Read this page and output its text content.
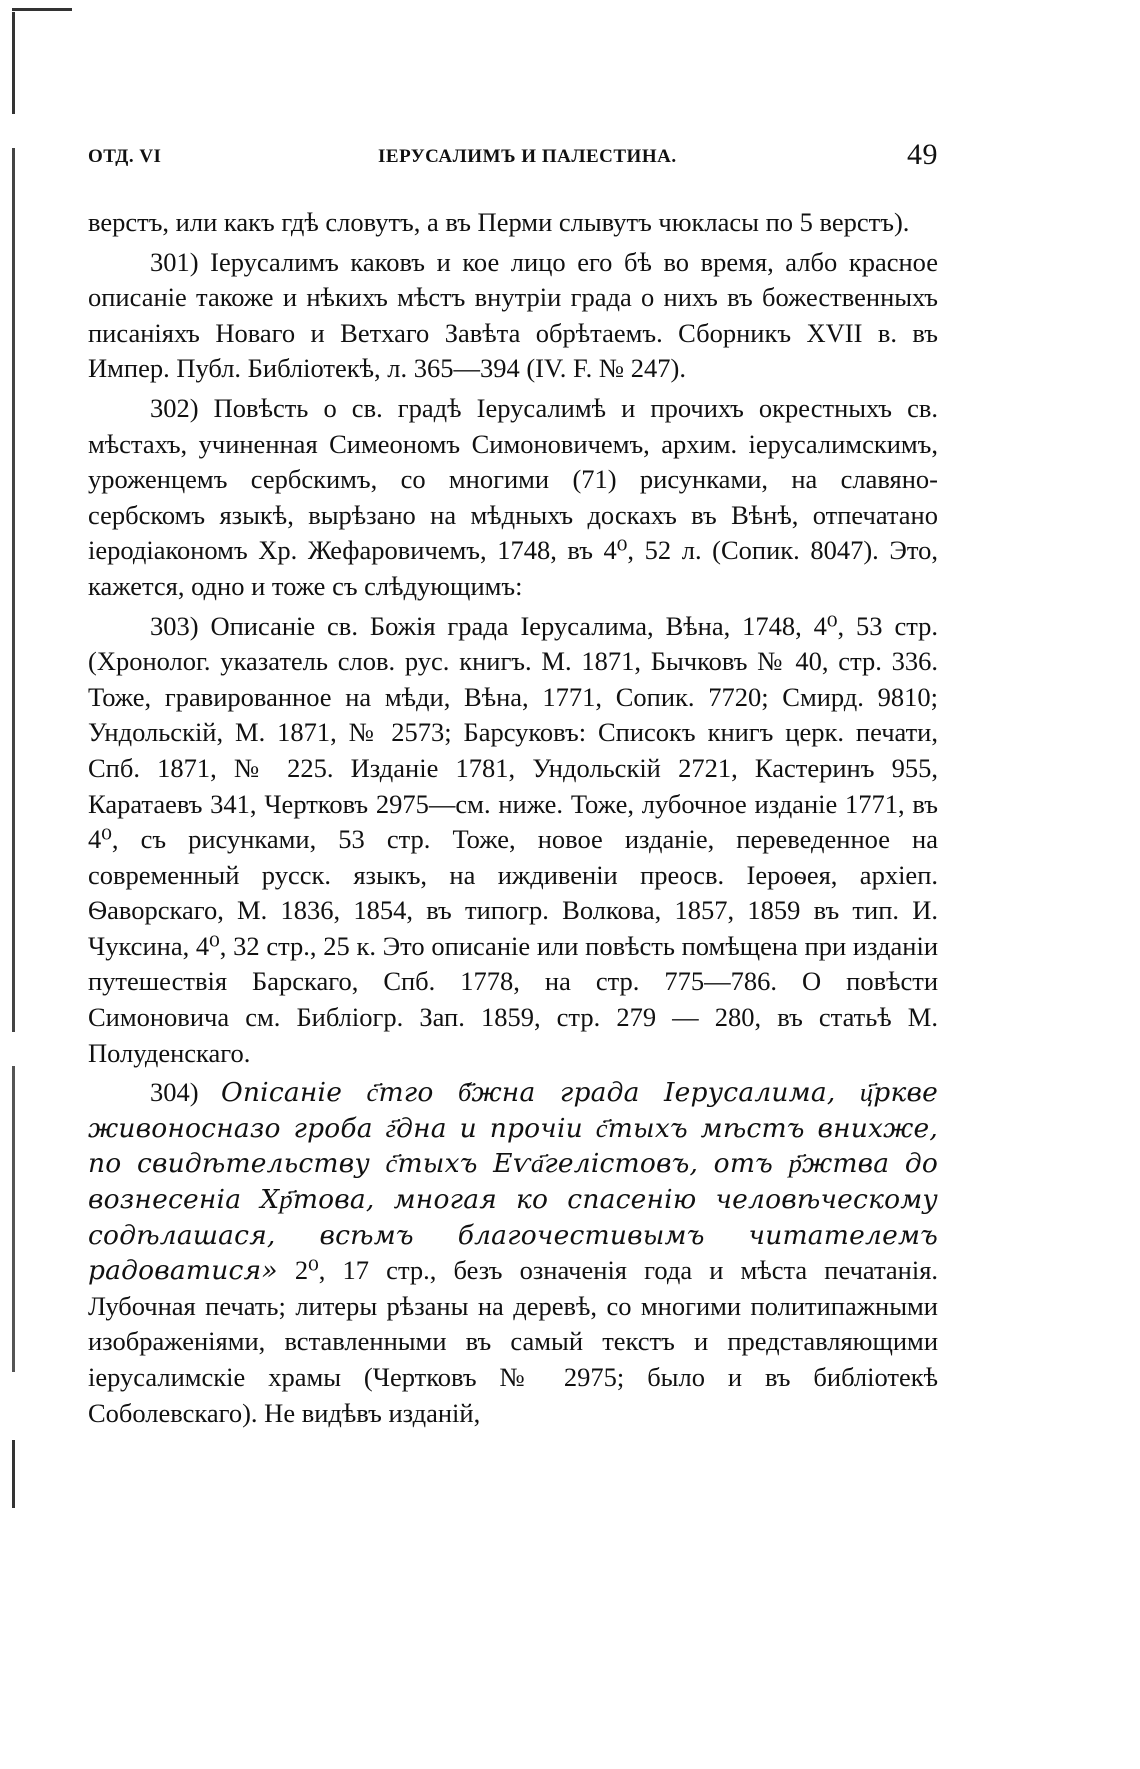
ОТД. VI	IЕРУСАЛИМЪ И ПАЛЕСТИНА.	49

верстъ, или какъ гдѣ словутъ, а въ Перми слывутъ чюкласы по 5 верстъ).

301) Iерусалимъ каковъ и кое лицо его бѣ во время, албо красное описанiе такоже и нѣкихъ мѣстъ внутрiи града о нихъ въ божественныхъ писанiяхъ Новаго и Ветхаго Завѣта обрѣтаемъ. Сборникъ XVII в. въ Импер. Публ. Библiотекѣ, л. 365—394 (IV. F. № 247).

302) Повѣсть о св. градѣ Iерусалимѣ и прочихъ окрестныхъ св. мѣстахъ, учиненная Симеономъ Симоновичемъ, архим. iерусалимскимъ, уроженцемъ сербскимъ, со многими (71) рисунками, на славяно-сербскомъ языкѣ, вырѣзано на мѣдныхъ доскахъ въ Вѣнѣ, отпечатано iеродiакономъ Хр. Жефаровичемъ, 1748, въ 4⁰, 52 л. (Сопик. 8047). Это, кажется, одно и тоже съ слѣдующимъ:

303) Описанiе св. Божiя града Iерусалима, Вѣна, 1748, 4⁰, 53 стр. (Хронолог. указатель слов. рус. книгъ. М. 1871, Бычковъ № 40, стр. 336. Тоже, гравированное на мѣди, Вѣна, 1771, Сопик. 7720; Смирд. 9810; Ундольскiй, М. 1871, № 2573; Барсуковъ: Списокъ книгъ церк. печати, Спб. 1871, № 225. Изданiе 1781, Ундольскiй 2721, Кастеринъ 955, Каратаевъ 341, Чертковъ 2975—см. ниже. Тоже, лубочное изданiе 1771, въ 4⁰, съ рисунками, 53 стр. Тоже, новое изданiе, переведенное на современный русск. языкъ, на иждивенiи преосв. Iероѳея, архiеп. Ѳаворскаго, М. 1836, 1854, въ типогр. Волкова, 1857, 1859 въ тип. И. Чуксина, 4⁰, 32 стр., 25 к. Это описанiе или повѣсть помѣщена при изданiи путешествiя Барскаго, Спб. 1778, на стр. 775—786. О повѣсти Симоновича см. Библiогр. Зап. 1859, стр. 279 — 280, въ статьѣ М. Полуденскаго.

304) Опiсанiе с҃тго б҃жна града Iерусалима, ц҃ркве живоносназо гроба г҃дна и прочiи с҃тыхъ мѣстъ внихже, по свидѣтельству с҃тыхъ Еѵа҃гелiстовъ, отъ р҃жтва до вознесенiа Хр҃това, многая ко спасенiю человѣческому содѣлашася, всѣмъ благочестивымъ читателемъ радоватися» 2⁰, 17 стр., безъ означенiя года и мѣста печатанiя. Лубочная печать; литеры рѣзаны на деревѣ, со многими политипажными изображенiями, вставленными въ самый текстъ и представляющими iерусалимскiе храмы (Чертковъ № 2975; было и въ библiотекѣ Соболевскаго). Не видѣвъ изданiй,
